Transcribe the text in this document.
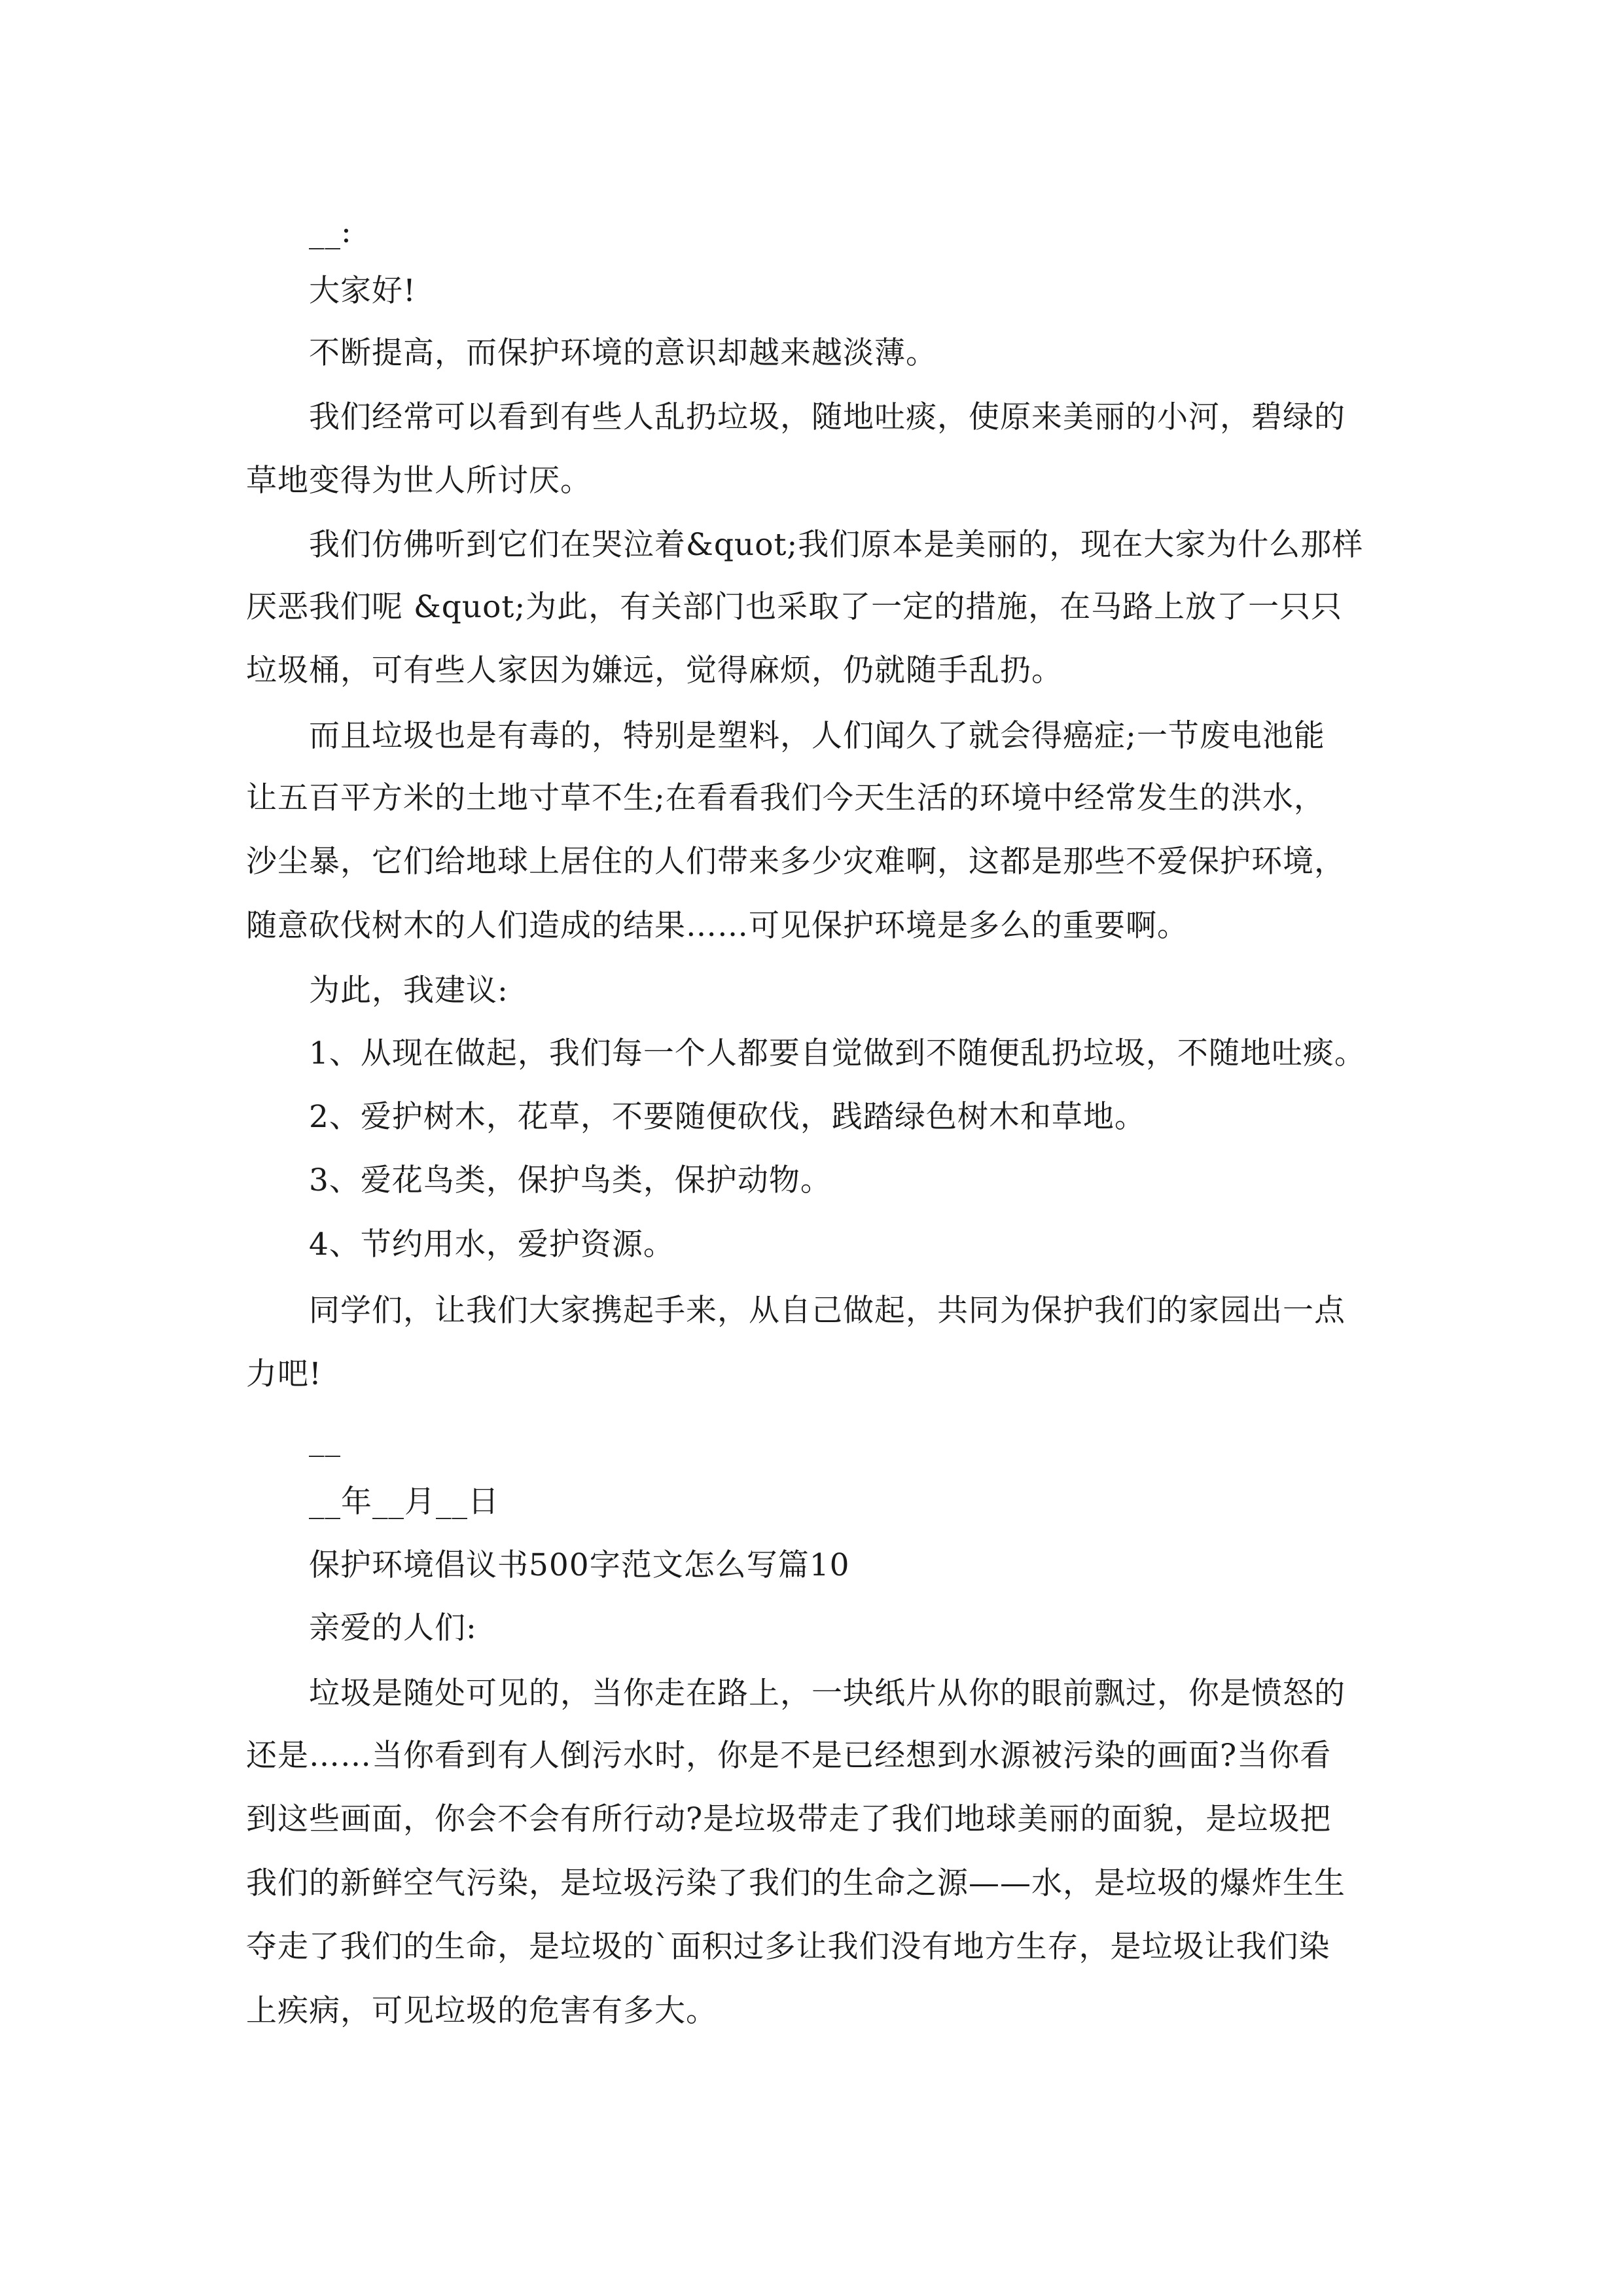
__:
大家好!
不断提高，而保护环境的意识却越来越淡薄。
我们经常可以看到有些人乱扔垃圾，随地吐痰，使原来美丽的小河，碧绿的
草地变得为世人所讨厌。
我们仿佛听到它们在哭泣着&quot;我们原本是美丽的，现在大家为什么那样
厌恶我们呢 &quot;为此，有关部门也采取了一定的措施，在马路上放了一只只
垃圾桶，可有些人家因为嫌远，觉得麻烦，仍就随手乱扔。
而且垃圾也是有毒的，特别是塑料，人们闻久了就会得癌症;一节废电池能
让五百平方米的土地寸草不生;在看看我们今天生活的环境中经常发生的洪水，
沙尘暴，它们给地球上居住的人们带来多少灾难啊，这都是那些不爱保护环境，
随意砍伐树木的人们造成的结果……可见保护环境是多么的重要啊。
为此，我建议:
1、从现在做起，我们每一个人都要自觉做到不随便乱扔垃圾，不随地吐痰。
2、爱护树木，花草，不要随便砍伐，践踏绿色树木和草地。
3、爱花鸟类，保护鸟类，保护动物。
4、节约用水，爱护资源。
同学们，让我们大家携起手来，从自己做起，共同为保护我们的家园出一点
力吧!
__
__年__月__日
保护环境倡议书500字范文怎么写篇10
亲爱的人们:
垃圾是随处可见的，当你走在路上，一块纸片从你的眼前飘过，你是愤怒的
还是……当你看到有人倒污水时，你是不是已经想到水源被污染的画面?当你看
到这些画面，你会不会有所行动?是垃圾带走了我们地球美丽的面貌，是垃圾把
我们的新鲜空气污染，是垃圾污染了我们的生命之源——水，是垃圾的爆炸生生
夺走了我们的生命，是垃圾的`面积过多让我们没有地方生存，是垃圾让我们染
上疾病，可见垃圾的危害有多大。
